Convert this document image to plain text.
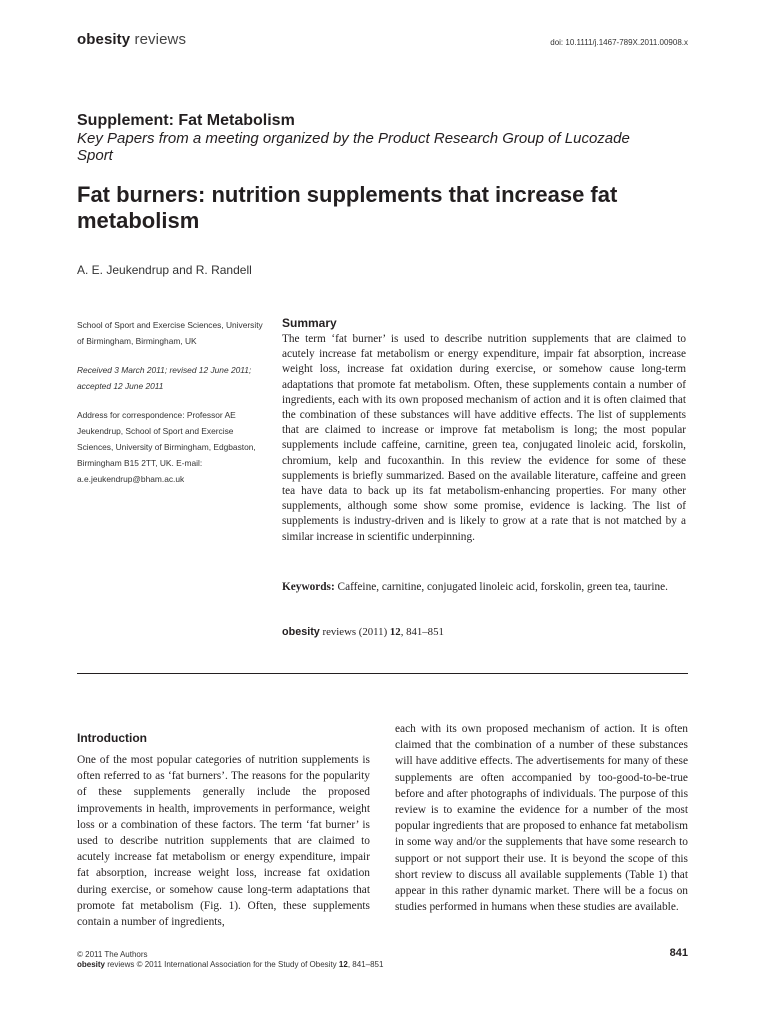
obesity reviews	doi: 10.1111/j.1467-789X.2011.00908.x
Supplement: Fat Metabolism
Key Papers from a meeting organized by the Product Research Group of Lucozade Sport
Fat burners: nutrition supplements that increase fat metabolism
A. E. Jeukendrup and R. Randell
School of Sport and Exercise Sciences, University of Birmingham, Birmingham, UK
Received 3 March 2011; revised 12 June 2011; accepted 12 June 2011
Address for correspondence: Professor AE Jeukendrup, School of Sport and Exercise Sciences, University of Birmingham, Edgbaston, Birmingham B15 2TT, UK. E-mail: a.e.jeukendrup@bham.ac.uk
Summary
The term ‘fat burner’ is used to describe nutrition supplements that are claimed to acutely increase fat metabolism or energy expenditure, impair fat absorption, increase weight loss, increase fat oxidation during exercise, or somehow cause long-term adaptations that promote fat metabolism. Often, these supplements contain a number of ingredients, each with its own proposed mechanism of action and it is often claimed that the combination of these substances will have additive effects. The list of supplements that are claimed to increase or improve fat metabolism is long; the most popular supplements include caffeine, carnitine, green tea, conjugated linoleic acid, forskolin, chromium, kelp and fucoxanthin. In this review the evidence for some of these supplements is briefly summarized. Based on the available literature, caffeine and green tea have data to back up its fat metabolism-enhancing properties. For many other supplements, although some show some promise, evidence is lacking. The list of supplements is industry-driven and is likely to grow at a rate that is not matched by a similar increase in scientific underpinning.
Keywords: Caffeine, carnitine, conjugated linoleic acid, forskolin, green tea, taurine.
obesity reviews (2011) 12, 841–851
Introduction
One of the most popular categories of nutrition supplements is often referred to as ‘fat burners’. The reasons for the popularity of these supplements generally include the proposed improvements in health, improvements in performance, weight loss or a combination of these factors. The term ‘fat burner’ is used to describe nutrition supplements that are claimed to acutely increase fat metabolism or energy expenditure, impair fat absorption, increase weight loss, increase fat oxidation during exercise, or somehow cause long-term adaptations that promote fat metabolism (Fig. 1). Often, these supplements contain a number of ingredients,
each with its own proposed mechanism of action. It is often claimed that the combination of a number of these substances will have additive effects. The advertisements for many of these supplements are often accompanied by too-good-to-be-true before and after photographs of individuals. The purpose of this review is to examine the evidence for a number of the most popular ingredients that are proposed to enhance fat metabolism in some way and/or the supplements that have some research to support or not support their use. It is beyond the scope of this short review to discuss all available supplements (Table 1) that appear in this rather dynamic market. There will be a focus on studies performed in humans when these studies are available.
© 2011 The Authors
obesity reviews © 2011 International Association for the Study of Obesity 12, 841–851
841
